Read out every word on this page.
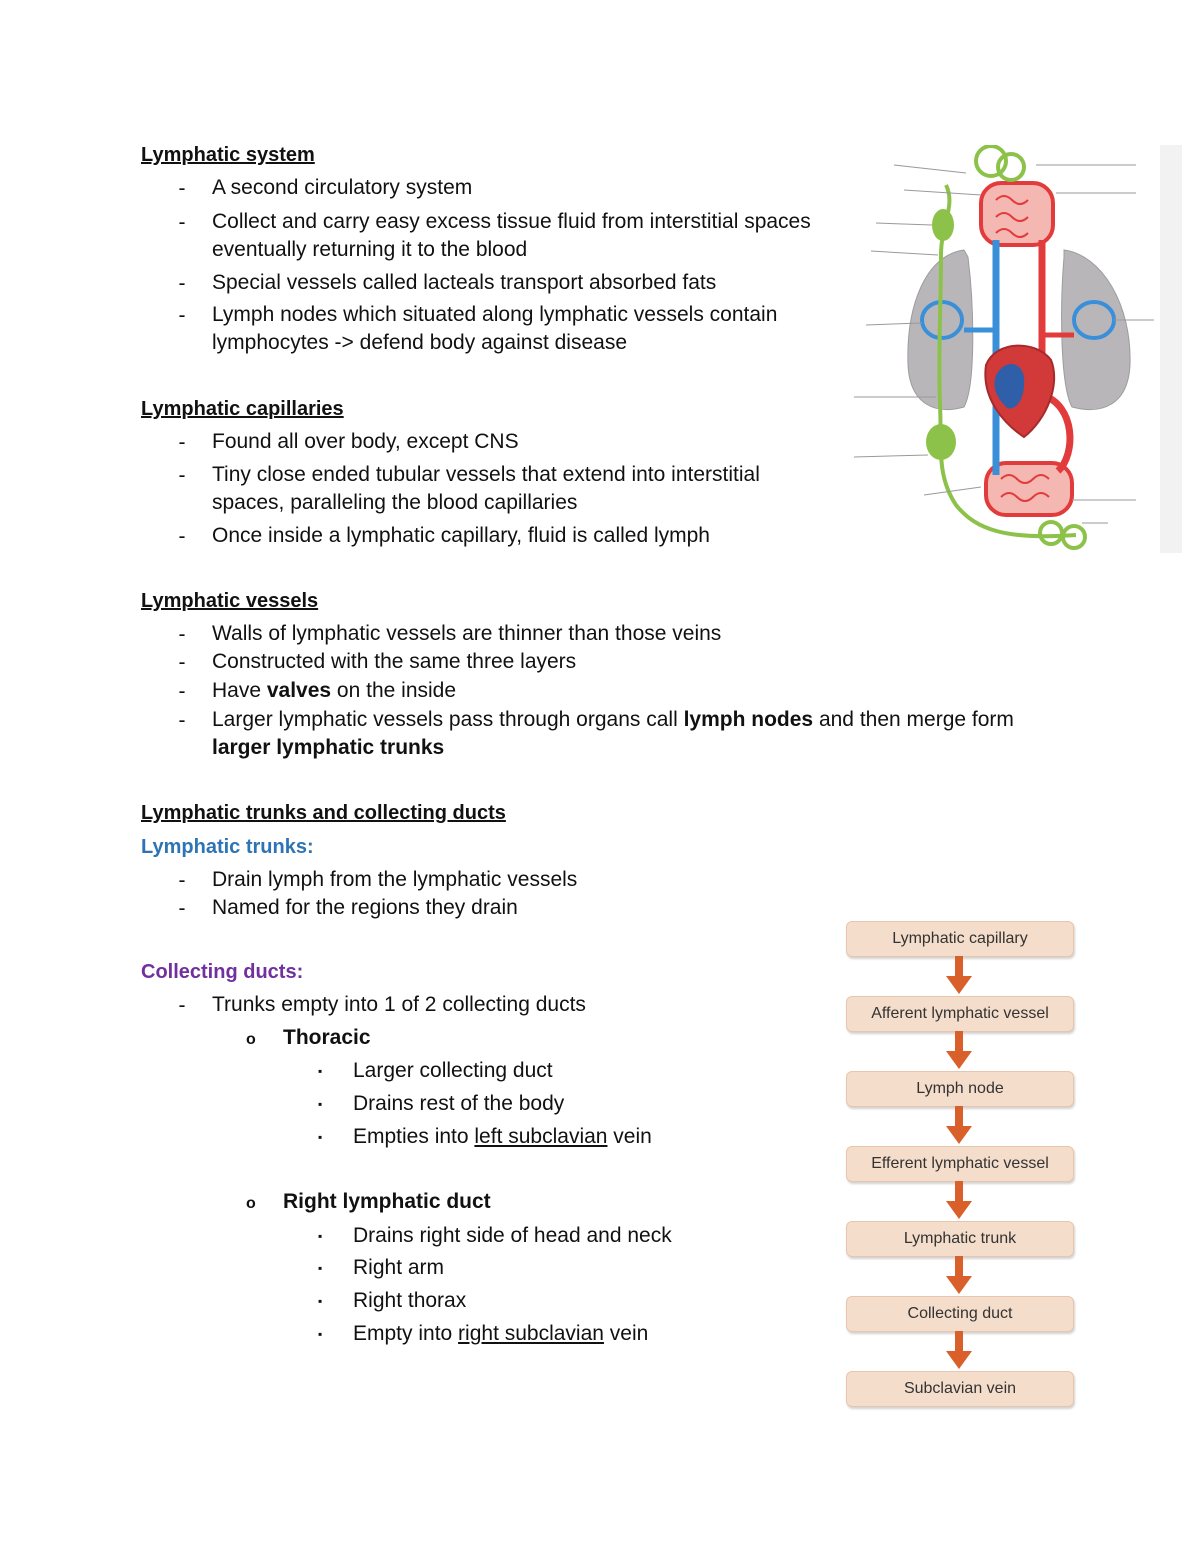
Lymphatic system
- A second circulatory system
- Collect and carry easy excess tissue fluid from interstitial spaces
eventually returning it to the blood
- Special vessels called lacteals transport absorbed fats
- Lymph nodes which situated along lymphatic vessels contain
lymphocytes -> defend body against disease
Lymphatic capillaries
- Found all over body, except CNS
- Tiny close ended tubular vessels that extend into interstitial
spaces, paralleling the blood capillaries
- Once inside a lymphatic capillary, fluid is called lymph
Lymphatic vessels
- Walls of lymphatic vessels are thinner than those veins
- Constructed with the same three layers
- Have valves on the inside
- Larger lymphatic vessels pass through organs call lymph nodes and then merge form
larger lymphatic trunks
Lymphatic trunks and collecting ducts
Lymphatic trunks:
- Drain lymph from the lymphatic vessels
- Named for the regions they drain
Collecting ducts:
- Trunks empty into 1 of 2 collecting ducts
o Thoracic
▪ Larger collecting duct
▪ Drains rest of the body
▪ Empties into left subclavian vein
o Right lymphatic duct
▪ Drains right side of head and neck
▪ Right arm
▪ Right thorax
▪ Empty into right subclavian vein
Lymphatic capillary
Afferent lymphatic vessel
Lymph node
Efferent lymphatic vessel
Lymphatic trunk
Collecting duct
Subclavian vein
